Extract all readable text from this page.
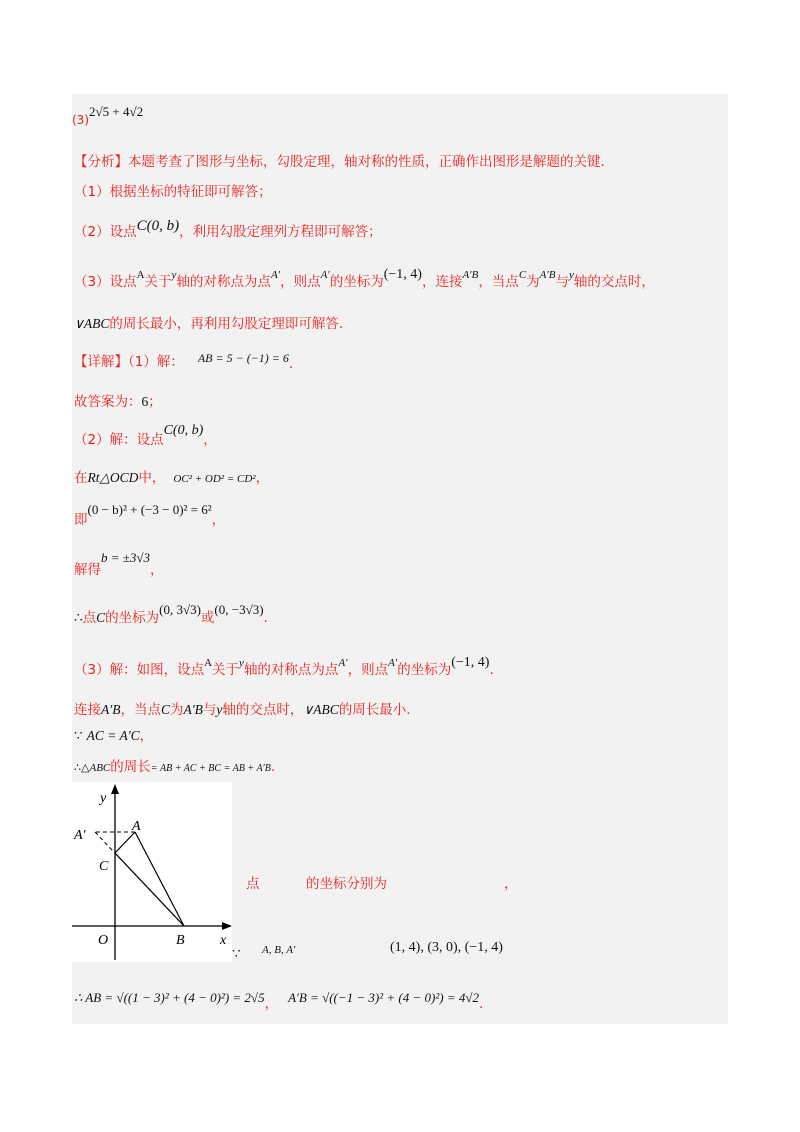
(3)2√5 + 4√2
【分析】本题考查了图形与坐标，勾股定理，轴对称的性质，正确作出图形是解题的关键.
（1）根据坐标的特征即可解答；
（2）设点C(0, b)，利用勾股定理列方程即可解答；
（3）设点A关于y轴的对称点为点A′，则点A′的坐标为(−1, 4)，连接A′B，当点C为A′B与y轴的交点时，
∨ABC的周长最小，再利用勾股定理即可解答.
【详解】（1）解： AB = 5 − (−1) = 6.
故答案为：6；
（2）解：设点C(0, b)，
在Rt△OCD中， OC² + OD² = CD²，
即(0 − b)² + (−3 − 0)² = 6²，
解得b = ±3√3，
∴点C的坐标为(0, 3√3)或(0, −3√3).
（3）解：如图，设点A关于y轴的对称点为点A′，则点A′的坐标为(−1, 4).
连接A′B，当点C为A′B与y轴的交点时，∨ABC的周长最小.
∵ AC = A′C，
∴△ABC的周长= AB + AC + BC = AB + A′B.
y
x
A
A′
C
O	B
点	的坐标分别为	，
∵ A, B, A′	(1, 4), (3, 0), (−1, 4)
∴ AB = √((1 − 3)² + (4 − 0)²) = 2√5， A′B = √((−1 − 3)² + (4 − 0)²) = 4√2.
